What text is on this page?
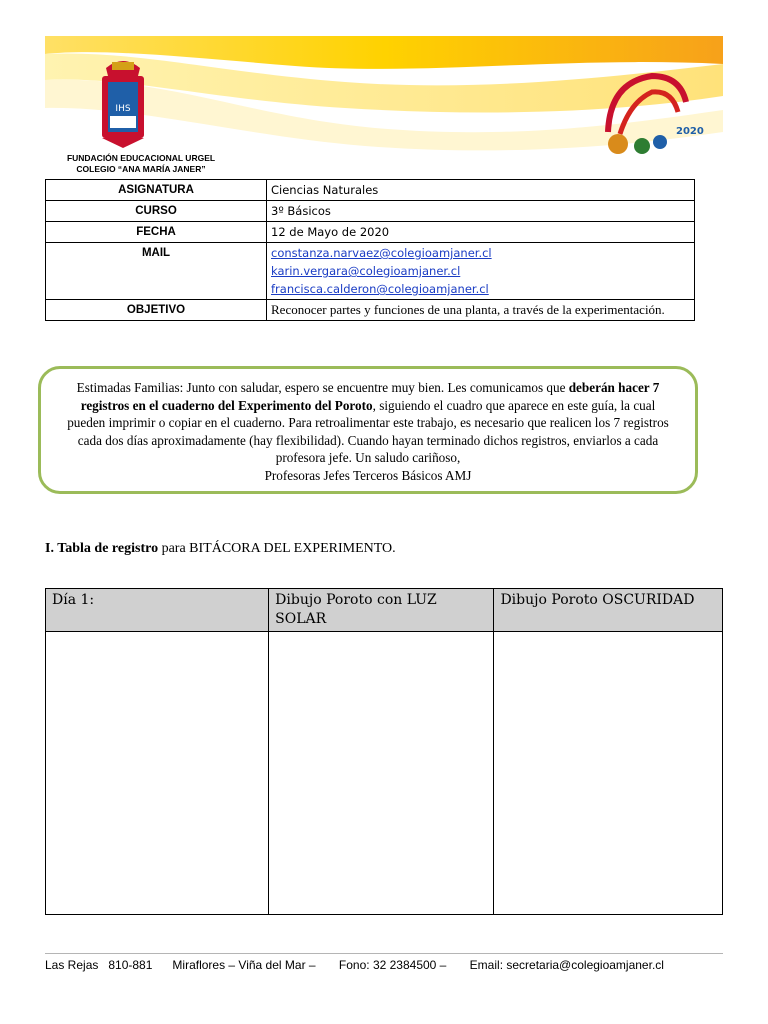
IHS
FUNDACIÓN EDUCACIONAL URGEL
COLEGIO “ANA MARÍA JANER”
2020
ASIGNATURA	Ciencias Naturales
CURSO	3º Básicos
FECHA	12 de Mayo de 2020
MAIL	constanza.narvaez@colegioamjaner.cl
karin.vergara@colegioamjaner.cl
francisca.calderon@colegioamjaner.cl

OBJETIVO	Reconocer partes y funciones de una planta, a través de la experimentación.
Estimadas Familias: Junto con saludar, espero se encuentre muy bien. Les comunicamos que deberán hacer 7 registros en el cuaderno del Experimento del Poroto, siguiendo el cuadro que aparece en este guía, la cual pueden imprimir o copiar en el cuaderno. Para retroalimentar este trabajo, es necesario que realicen los 7 registros cada dos días aproximadamente (hay flexibilidad). Cuando hayan terminado dichos registros, enviarlos a cada profesora jefe. Un saludo cariñoso,
Profesoras Jefes Terceros Básicos AMJ
I. Tabla de registro para BITÁCORA DEL EXPERIMENTO.
Día 1:	Dibujo Poroto con LUZ SOLAR	Dibujo Poroto OSCURIDAD

Las Rejas   810-881      Miraflores – Viña del Mar –       Fono: 32 2384500 –       Email: secretaria@colegioamjaner.cl
